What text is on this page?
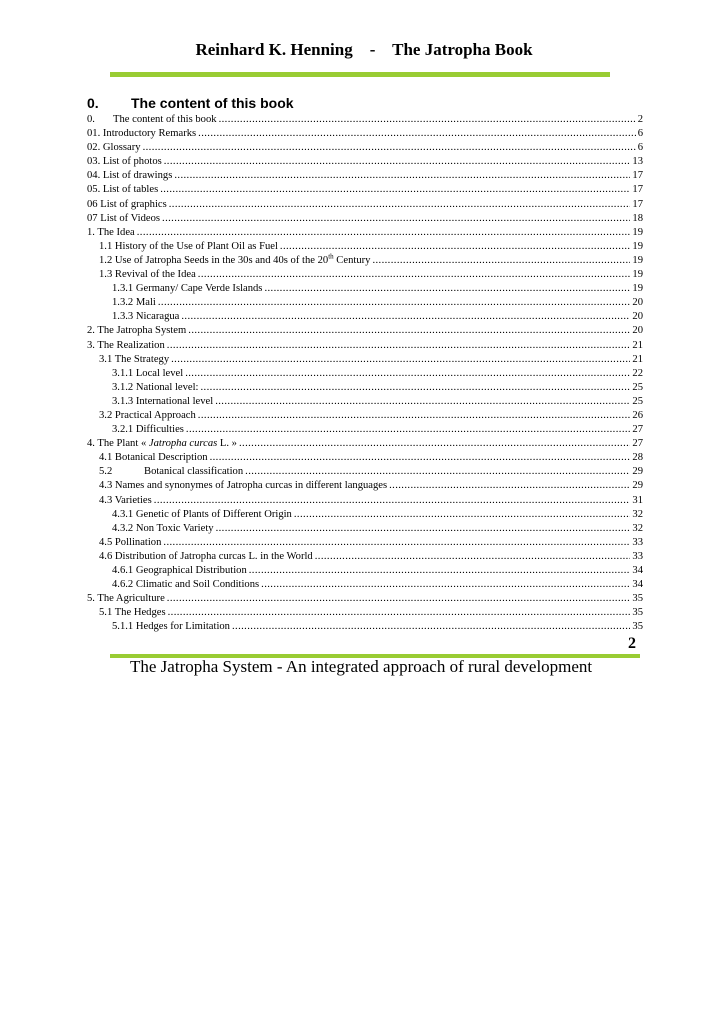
Reinhard K. Henning - The Jatropha Book
0. The content of this book
0. The content of this book .....	2
01. Introductory Remarks .....	6
02. Glossary .....	6
03. List of photos .....	13
04. List of drawings .....	17
05. List of tables .....	17
06 List of graphics .....	17
07 List of Videos .....	18
1. The Idea .....	19
1.1 History of the Use of Plant Oil as Fuel .....	19
1.2 Use of Jatropha Seeds in the 30s and 40s of the 20th Century .....	19
1.3 Revival of the Idea .....	19
1.3.1 Germany/ Cape Verde Islands .....	19
1.3.2 Mali .....	20
1.3.3 Nicaragua .....	20
2. The Jatropha System .....	20
3. The Realization .....	21
3.1 The Strategy .....	21
3.1.1 Local level .....	22
3.1.2 National level: .....	25
3.1.3 International level .....	25
3.2 Practical Approach .....	26
3.2.1 Difficulties .....	27
4. The Plant « Jatropha curcas L. » .....	27
4.1 Botanical Description .....	28
5.2	Botanical classification .....	29
4.3 Names and synonymes of Jatropha curcas in different languages .....	29
4.3 Varieties .....	31
4.3.1 Genetic of Plants of Different Origin .....	32
4.3.2 Non Toxic Variety .....	32
4.5 Pollination .....	33
4.6 Distribution of Jatropha curcas L. in the World .....	33
4.6.1 Geographical Distribution .....	34
4.6.2 Climatic and Soil Conditions .....	34
5. The Agriculture .....	35
5.1 The Hedges .....	35
5.1.1 Hedges for Limitation .....	35
2
The Jatropha System - An integrated approach of rural development
